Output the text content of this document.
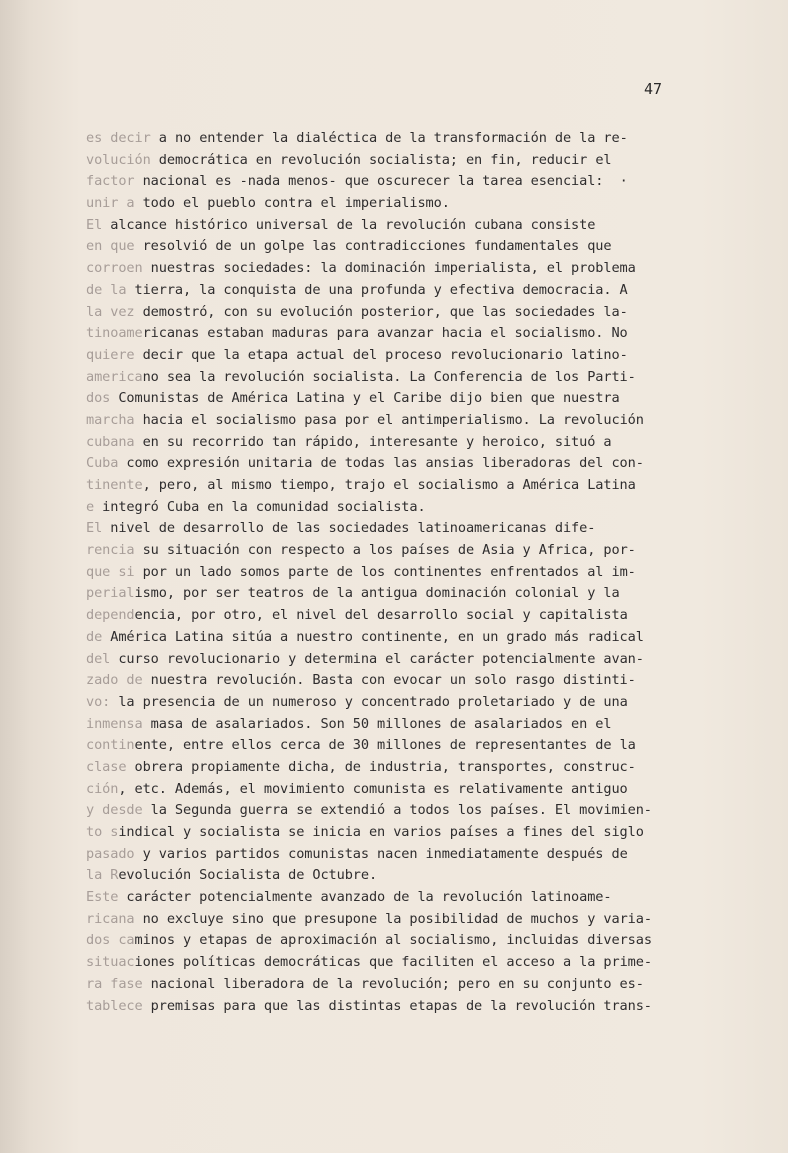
47
es decir a no entender la dialéctica de la transformación de la re-
volución democrática en revolución socialista; en fin, reducir el
factor nacional es -nada menos- que oscurecer la tarea esencial:  ·
unir a todo el pueblo contra el imperialismo.
El alcance histórico universal de la revolución cubana consiste
en que resolvió de un golpe las contradicciones fundamentales que
corroen nuestras sociedades: la dominación imperialista, el problema
de la tierra, la conquista de una profunda y efectiva democracia. A
la vez demostró, con su evolución posterior, que las sociedades la-
tinoamericanas estaban maduras para avanzar hacia el socialismo. No
quiere decir que la etapa actual del proceso revolucionario latino-
americano sea la revolución socialista. La Conferencia de los Parti-
dos Comunistas de América Latina y el Caribe dijo bien que nuestra
marcha hacia el socialismo pasa por el antimperialismo. La revolución
cubana en su recorrido tan rápido, interesante y heroico, situó a
Cuba como expresión unitaria de todas las ansias liberadoras del con-
tinente, pero, al mismo tiempo, trajo el socialismo a América Latina
e integró Cuba en la comunidad socialista.
El nivel de desarrollo de las sociedades latinoamericanas dife-
rencia su situación con respecto a los países de Asia y Africa, por-
que si por un lado somos parte de los continentes enfrentados al im-
perialismo, por ser teatros de la antigua dominación colonial y la
dependencia, por otro, el nivel del desarrollo social y capitalista
de América Latina sitúa a nuestro continente, en un grado más radical
del curso revolucionario y determina el carácter potencialmente avan-
zado de nuestra revolución. Basta con evocar un solo rasgo distinti-
vo: la presencia de un numeroso y concentrado proletariado y de una
inmensa masa de asalariados. Son 50 millones de asalariados en el
continente, entre ellos cerca de 30 millones de representantes de la
clase obrera propiamente dicha, de industria, transportes, construc-
ción, etc. Además, el movimiento comunista es relativamente antiguo
y desde la Segunda guerra se extendió a todos los países. El movimien-
to sindical y socialista se inicia en varios países a fines del siglo
pasado y varios partidos comunistas nacen inmediatamente después de
la Revolución Socialista de Octubre.
Este carácter potencialmente avanzado de la revolución latinoame-
ricana no excluye sino que presupone la posibilidad de muchos y varia-
dos caminos y etapas de aproximación al socialismo, incluidas diversas
situaciones políticas democráticas que faciliten el acceso a la prime-
ra fase nacional liberadora de la revolución; pero en su conjunto es-
tablece premisas para que las distintas etapas de la revolución trans-
